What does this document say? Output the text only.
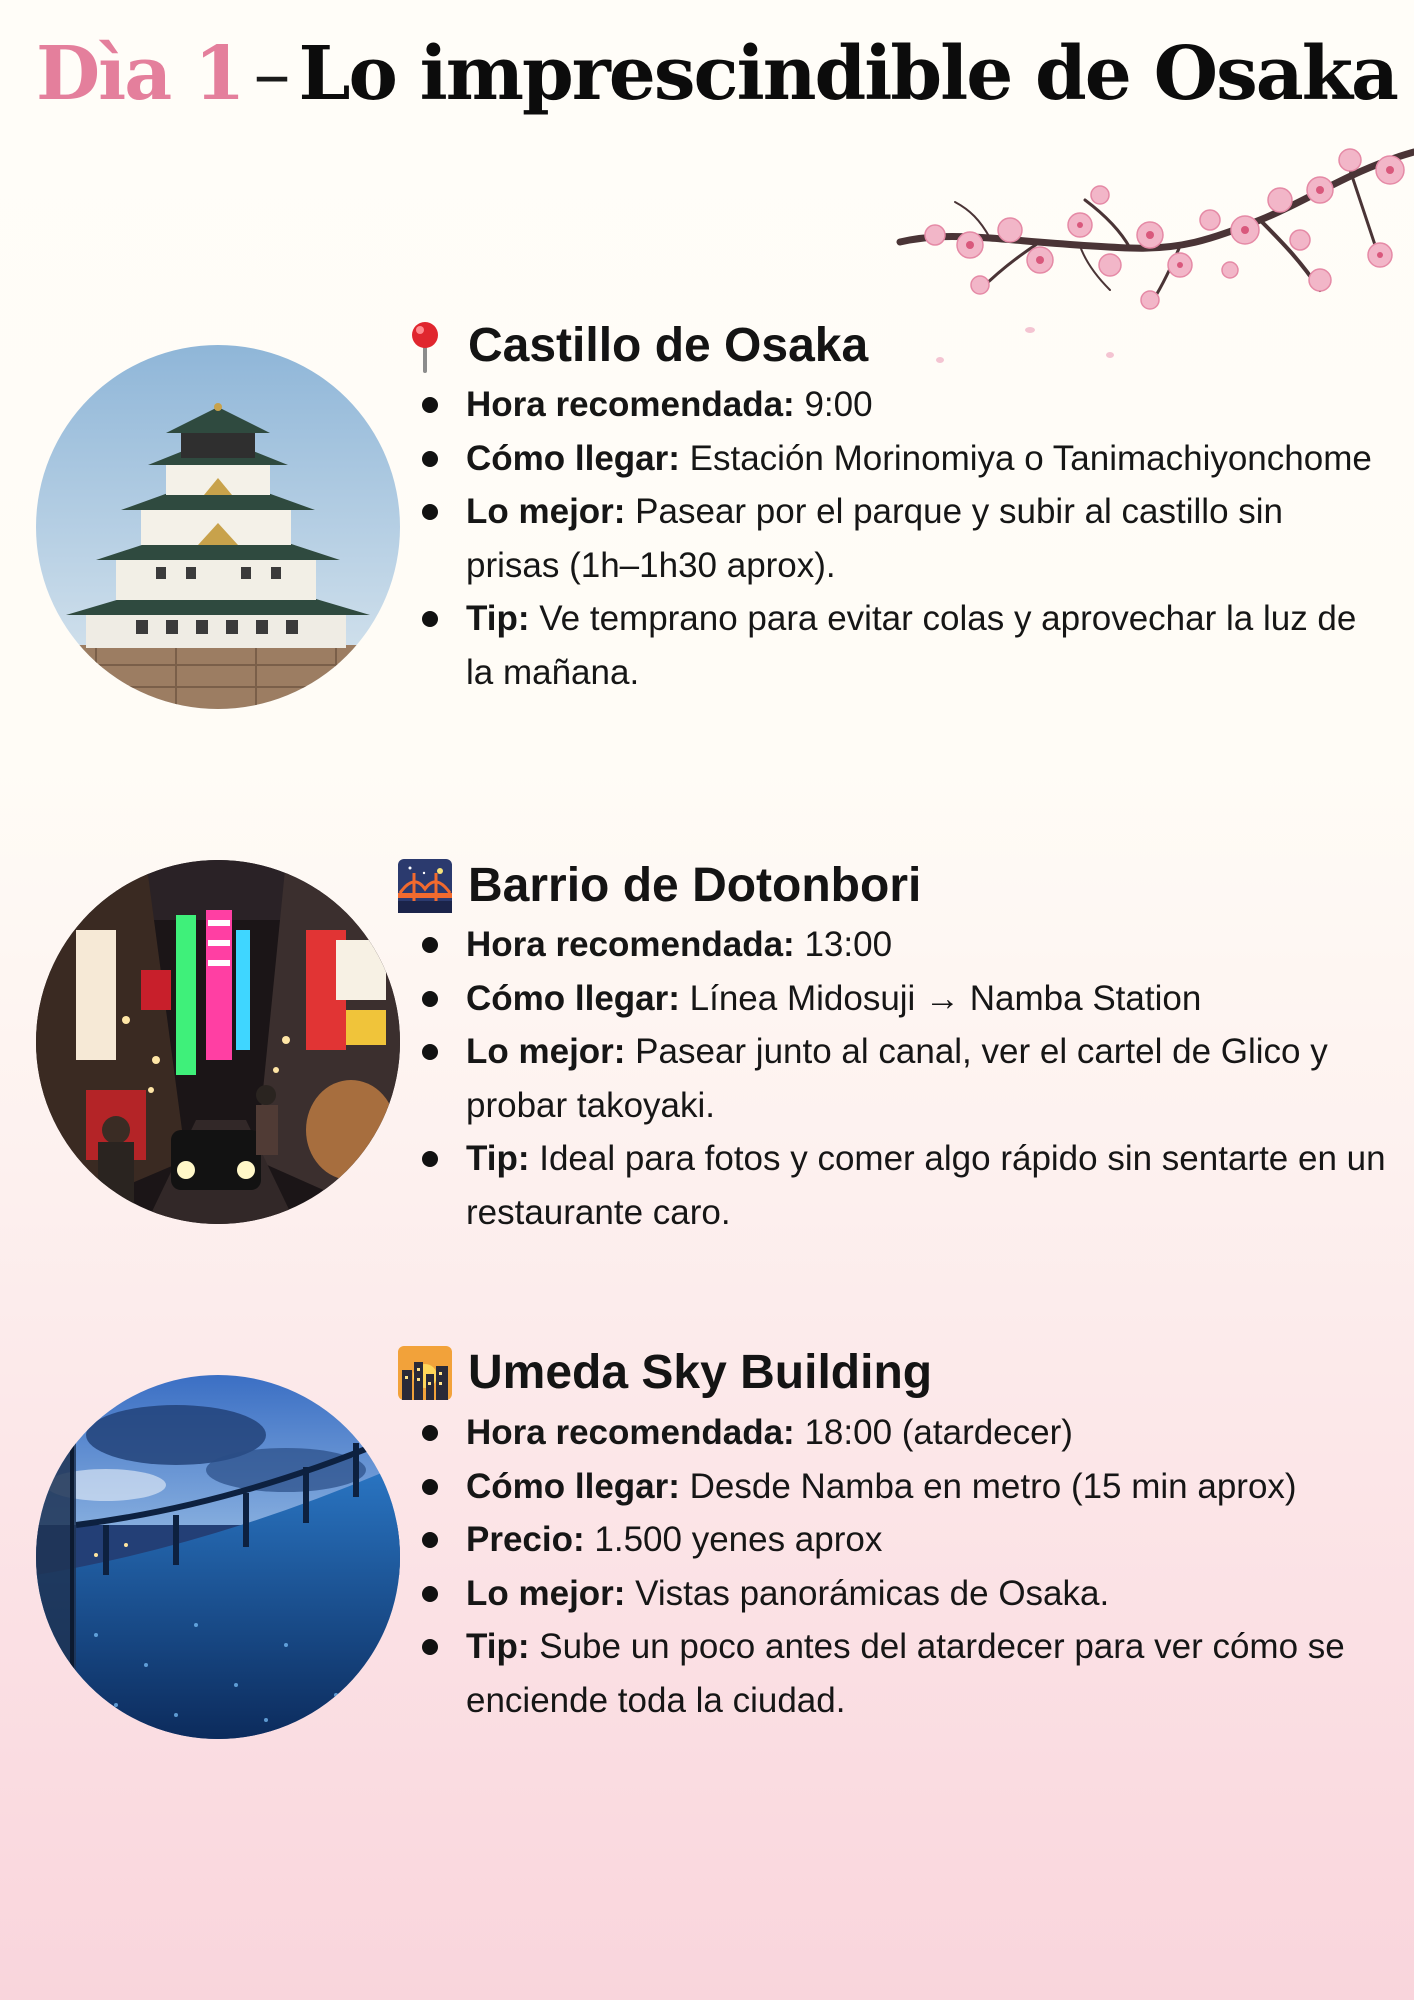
Dìa 1 – Lo imprescindible de Osaka
Castillo de Osaka
Hora recomendada: 9:00
Cómo llegar: Estación Morinomiya o Tanimachiyonchome
Lo mejor: Pasear por el parque y subir al castillo sin prisas (1h–1h30 aprox).
Tip: Ve temprano para evitar colas y aprovechar la luz de la mañana.
Barrio de Dotonbori
Hora recomendada: 13:00
Cómo llegar: Línea Midosuji → Namba Station
Lo mejor: Pasear junto al canal, ver el cartel de Glico y probar takoyaki.
Tip: Ideal para fotos y comer algo rápido sin sentarte en un restaurante caro.
Umeda Sky Building
Hora recomendada: 18:00 (atardecer)
Cómo llegar: Desde Namba en metro (15 min aprox)
Precio: 1.500 yenes aprox
Lo mejor: Vistas panorámicas de Osaka.
Tip: Sube un poco antes del atardecer para ver cómo se enciende toda la ciudad.
